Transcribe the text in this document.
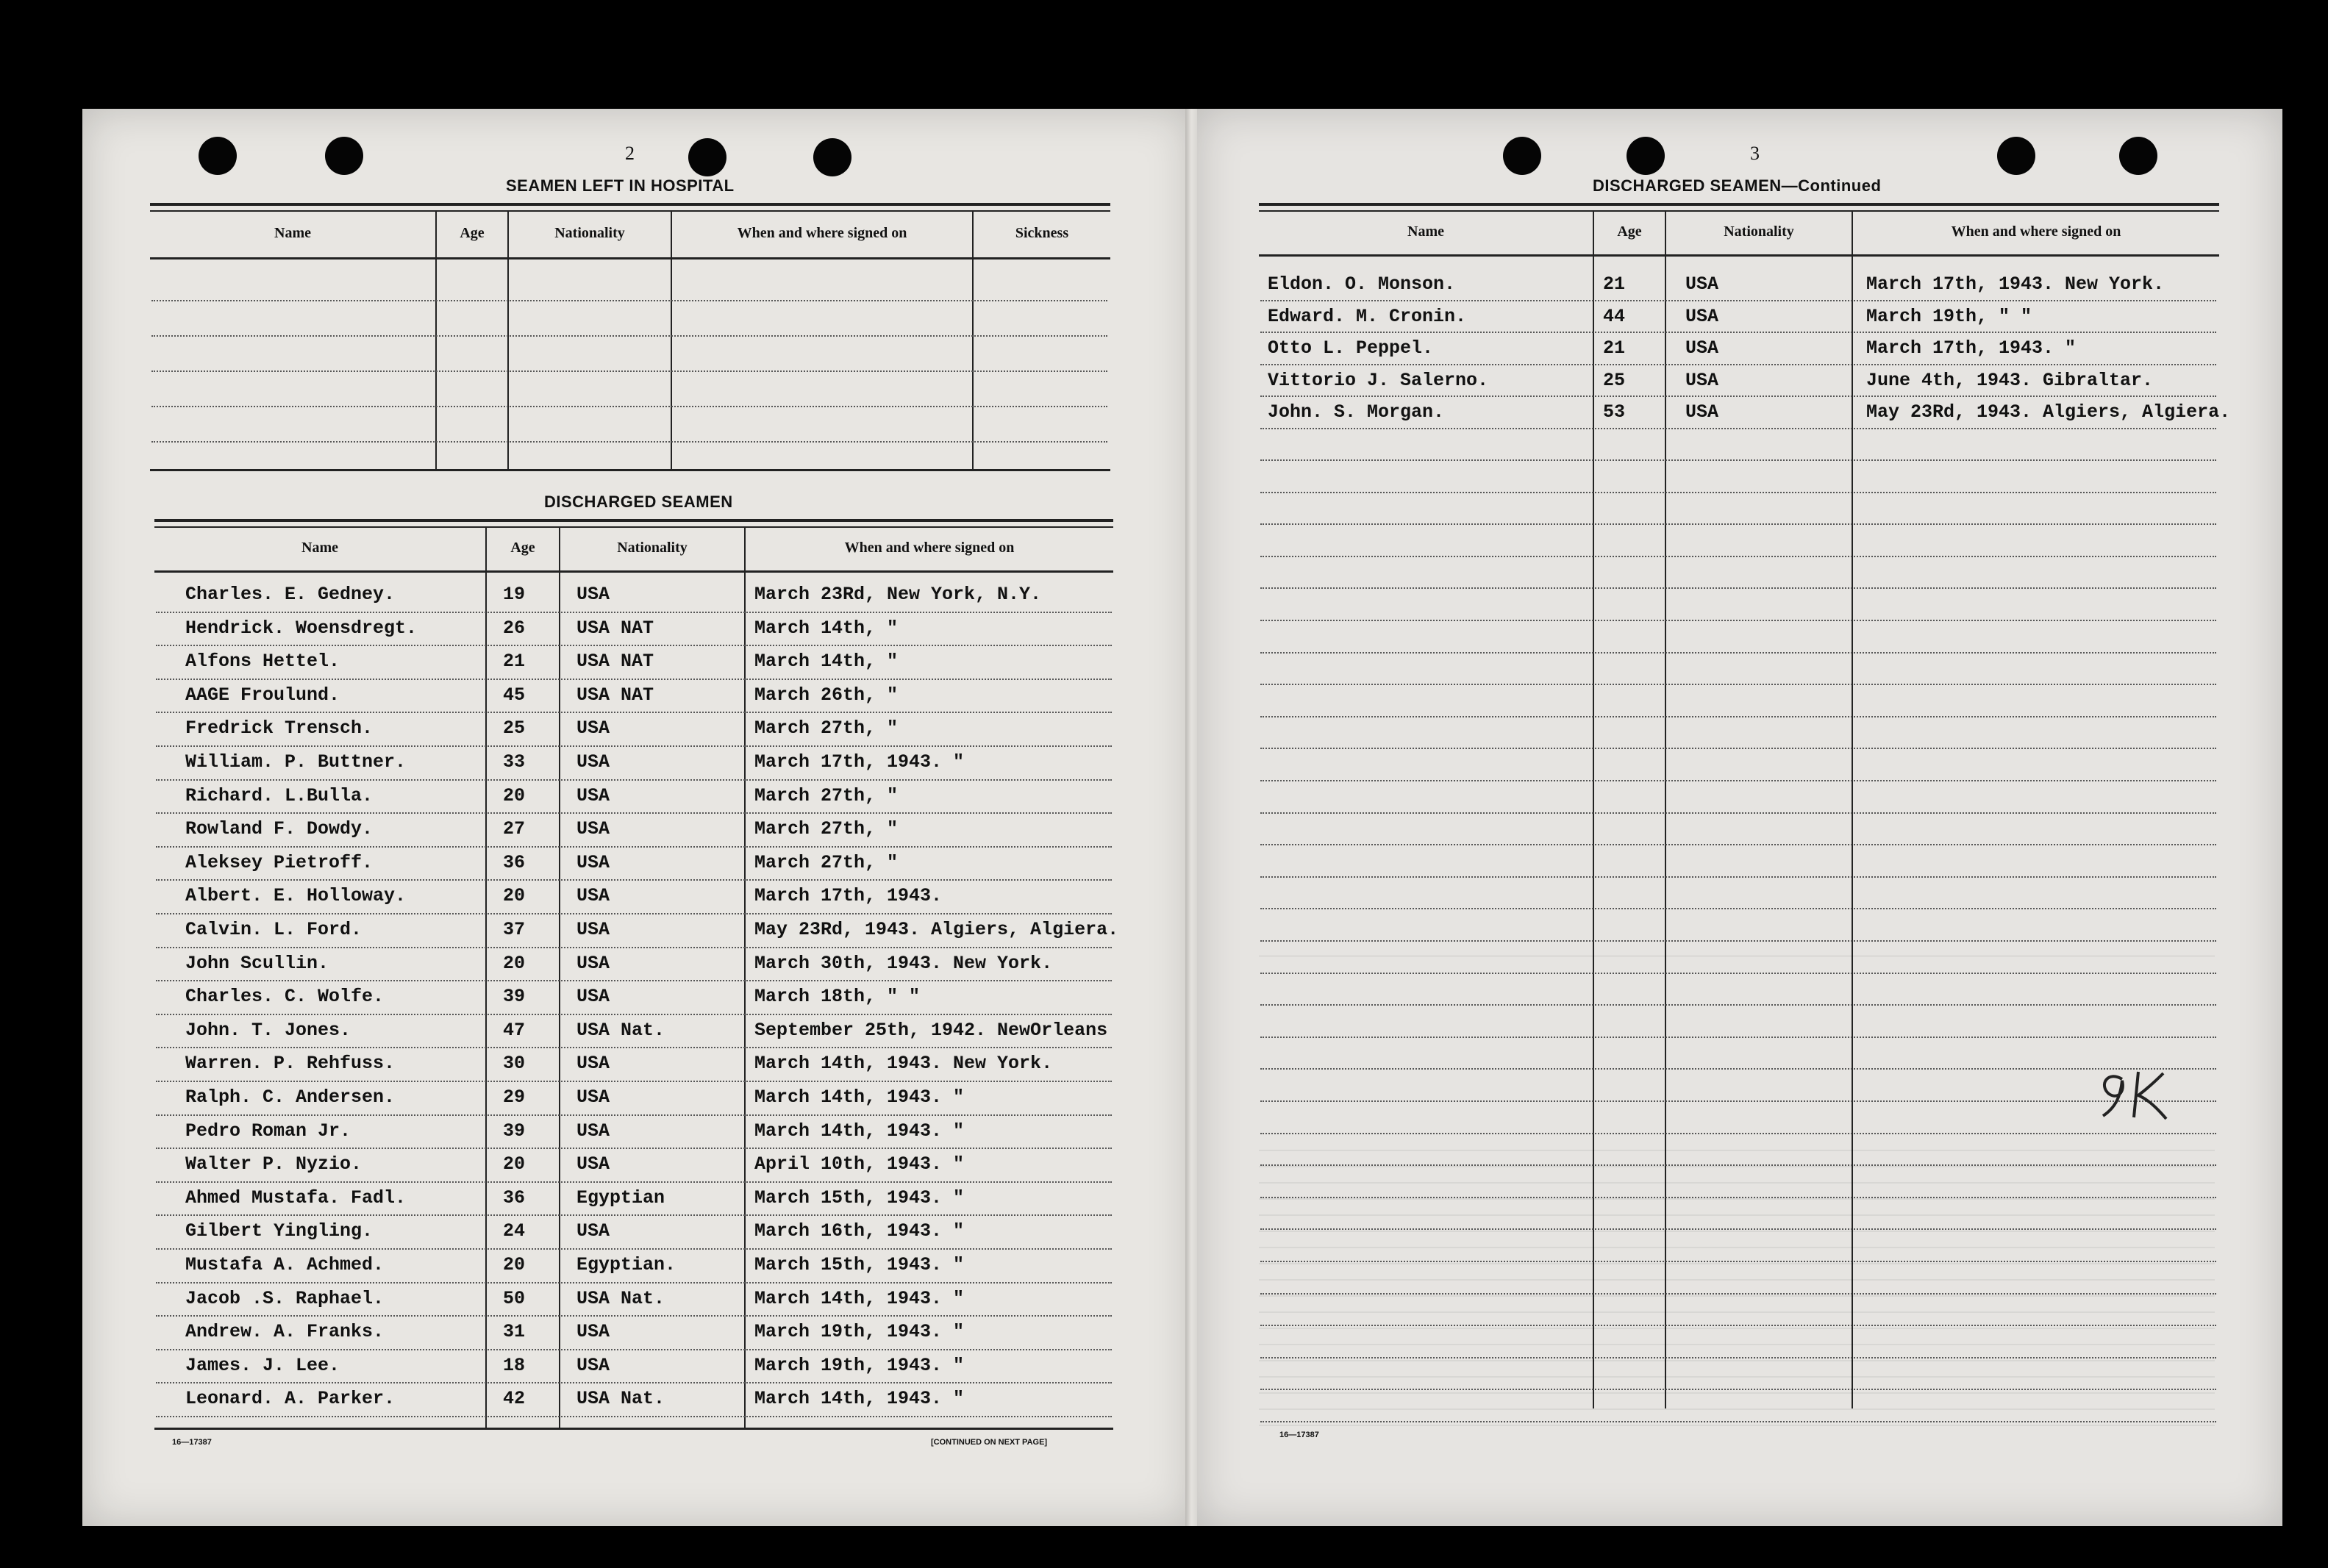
2
SEAMEN LEFT IN HOSPITAL
Name	Age	Nationality	When and where signed on	Sickness
DISCHARGED SEAMEN
Name	Age	Nationality	When and where signed on
Charles. E. Gedney.	19	USA	March 23Rd, New York, N.Y.
Hendrick. Woensdregt.	26	USA NAT	March 14th, "
Alfons Hettel.	21	USA NAT	March 14th, "
AAGE Froulund.	45	USA NAT	March 26th, "
Fredrick Trensch.	25	USA	March 27th, "
William. P. Buttner.	33	USA	March 17th, 1943. "
Richard. L.Bulla.	20	USA	March 27th, "
Rowland F. Dowdy.	27	USA	March 27th, "
Aleksey Pietroff.	36	USA	March 27th, "
Albert. E. Holloway.	20	USA	March 17th, 1943.
Calvin. L. Ford.	37	USA	May 23Rd, 1943. Algiers, Algiera.
John Scullin.	20	USA	March 30th, 1943. New York.
Charles. C. Wolfe.	39	USA	March 18th, " "
John. T. Jones.	47	USA Nat.	September 25th, 1942. NewOrleans
Warren. P. Rehfuss.	30	USA	March 14th, 1943. New York.
Ralph. C. Andersen.	29	USA	March 14th, 1943. "
Pedro Roman Jr.	39	USA	March 14th, 1943. "
Walter P. Nyzio.	20	USA	April 10th, 1943. "
Ahmed Mustafa. Fadl.	36	Egyptian	March 15th, 1943. "
Gilbert Yingling.	24	USA	March 16th, 1943. "
Mustafa A. Achmed.	20	Egyptian.	March 15th, 1943. "
Jacob .S. Raphael.	50	USA Nat.	March 14th, 1943. "
Andrew. A. Franks.	31	USA	March 19th, 1943. "
James. J. Lee.	18	USA	March 19th, 1943. "
Leonard. A. Parker.	42	USA Nat.	March 14th, 1943. "
16—17387	[CONTINUED ON NEXT PAGE]
3
DISCHARGED SEAMEN—Continued
Name	Age	Nationality	When and where signed on
Eldon. O. Monson.	21	USA	March 17th, 1943. New York.
Edward. M. Cronin.	44	USA	March 19th, " "
Otto L. Peppel.	21	USA	March 17th, 1943. "
Vittorio J. Salerno.	25	USA	June 4th, 1943. Gibraltar.
John. S. Morgan.	53	USA	May 23Rd, 1943. Algiers, Algiera.
16—17387
